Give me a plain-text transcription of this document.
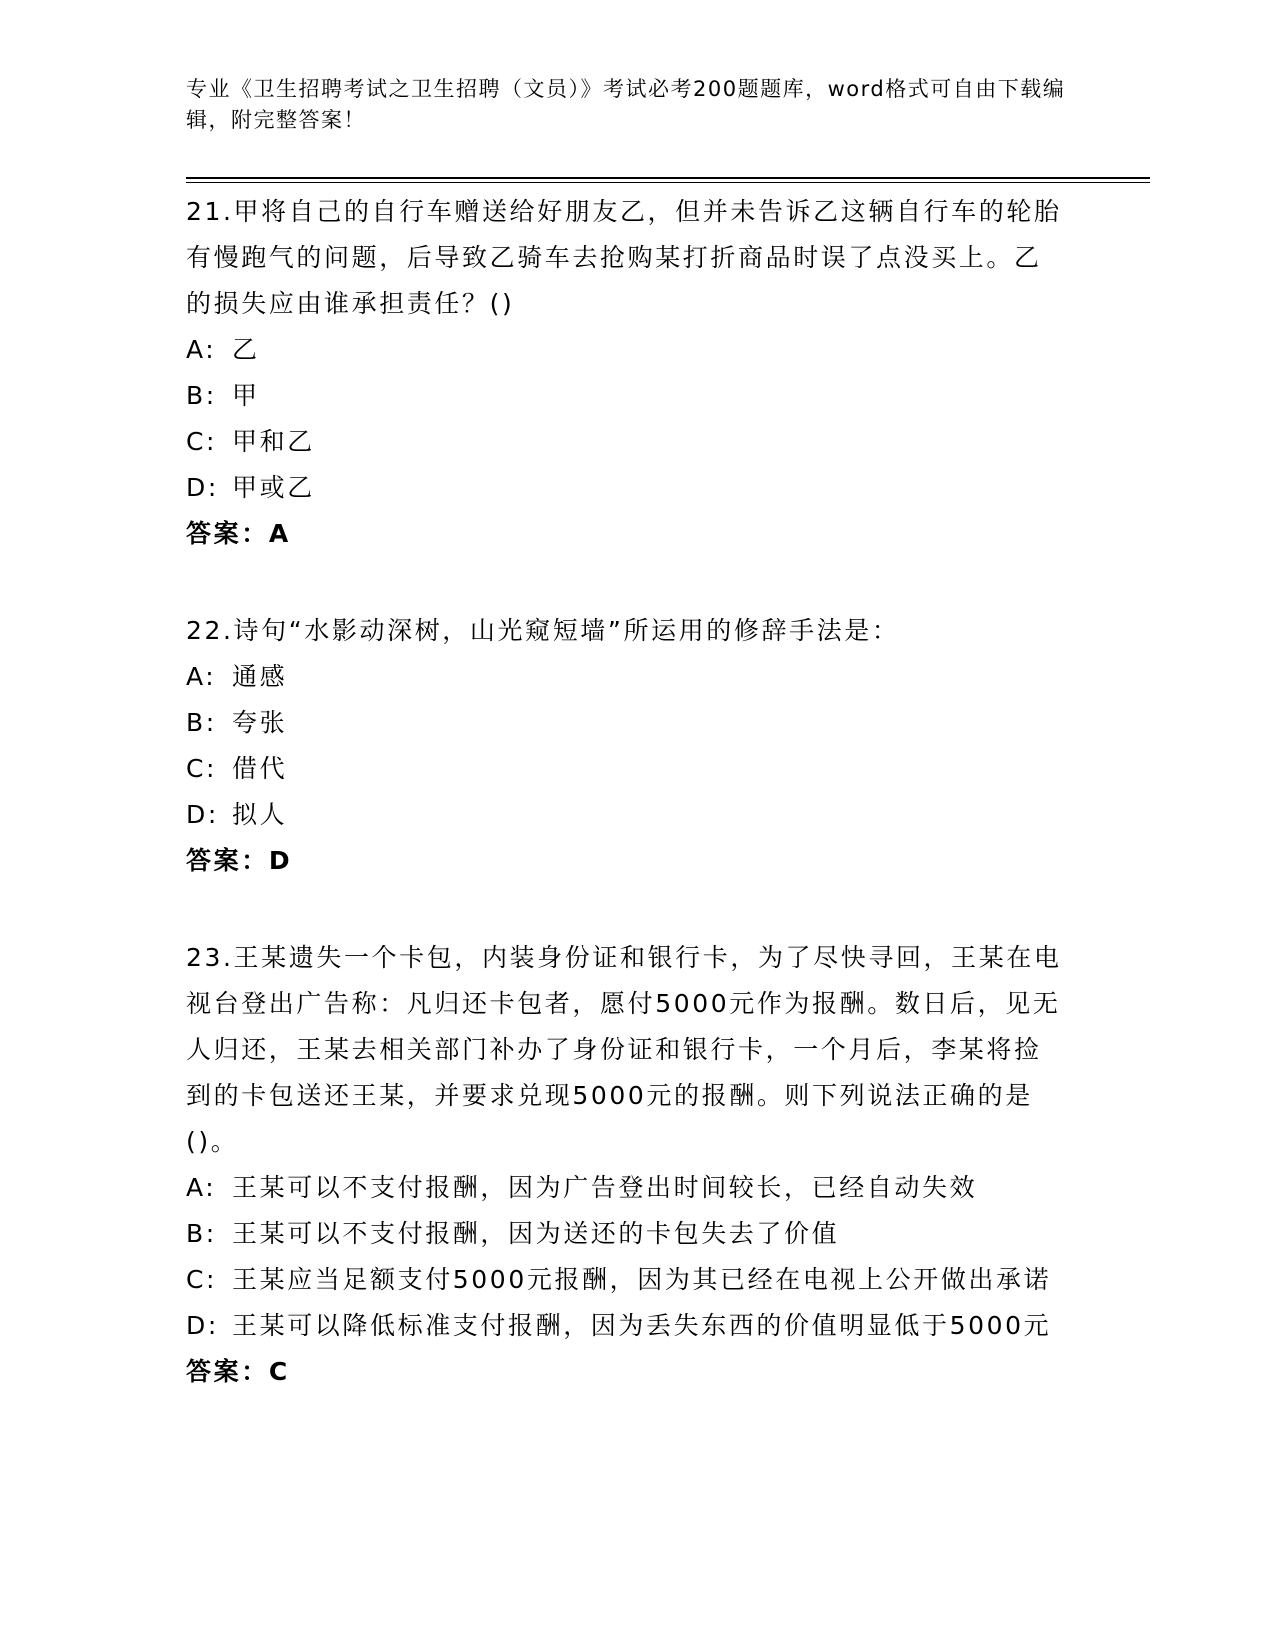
专业《卫生招聘考试之卫生招聘（文员）》考试必考200题题库，word格式可自由下载编辑，附完整答案！
21.甲将自己的自行车赠送给好朋友乙，但并未告诉乙这辆自行车的轮胎有慢跑气的问题，后导致乙骑车去抢购某打折商品时误了点没买上。乙的损失应由谁承担责任？()
A: 乙
B: 甲
C: 甲和乙
D: 甲或乙
答案：A
22.诗句“水影动深树，山光窥短墙”所运用的修辞手法是：
A: 通感
B: 夸张
C: 借代
D: 拟人
答案：D
23.王某遗失一个卡包，内装身份证和银行卡，为了尽快寻回，王某在电视台登出广告称：凡归还卡包者，愿付5000元作为报酬。数日后，见无人归还，王某去相关部门补办了身份证和银行卡，一个月后，李某将捡到的卡包送还王某，并要求兑现5000元的报酬。则下列说法正确的是()。
A: 王某可以不支付报酬，因为广告登出时间较长，已经自动失效
B: 王某可以不支付报酬，因为送还的卡包失去了价值
C: 王某应当足额支付5000元报酬，因为其已经在电视上公开做出承诺
D: 王某可以降低标准支付报酬，因为丢失东西的价值明显低于5000元
答案：C
